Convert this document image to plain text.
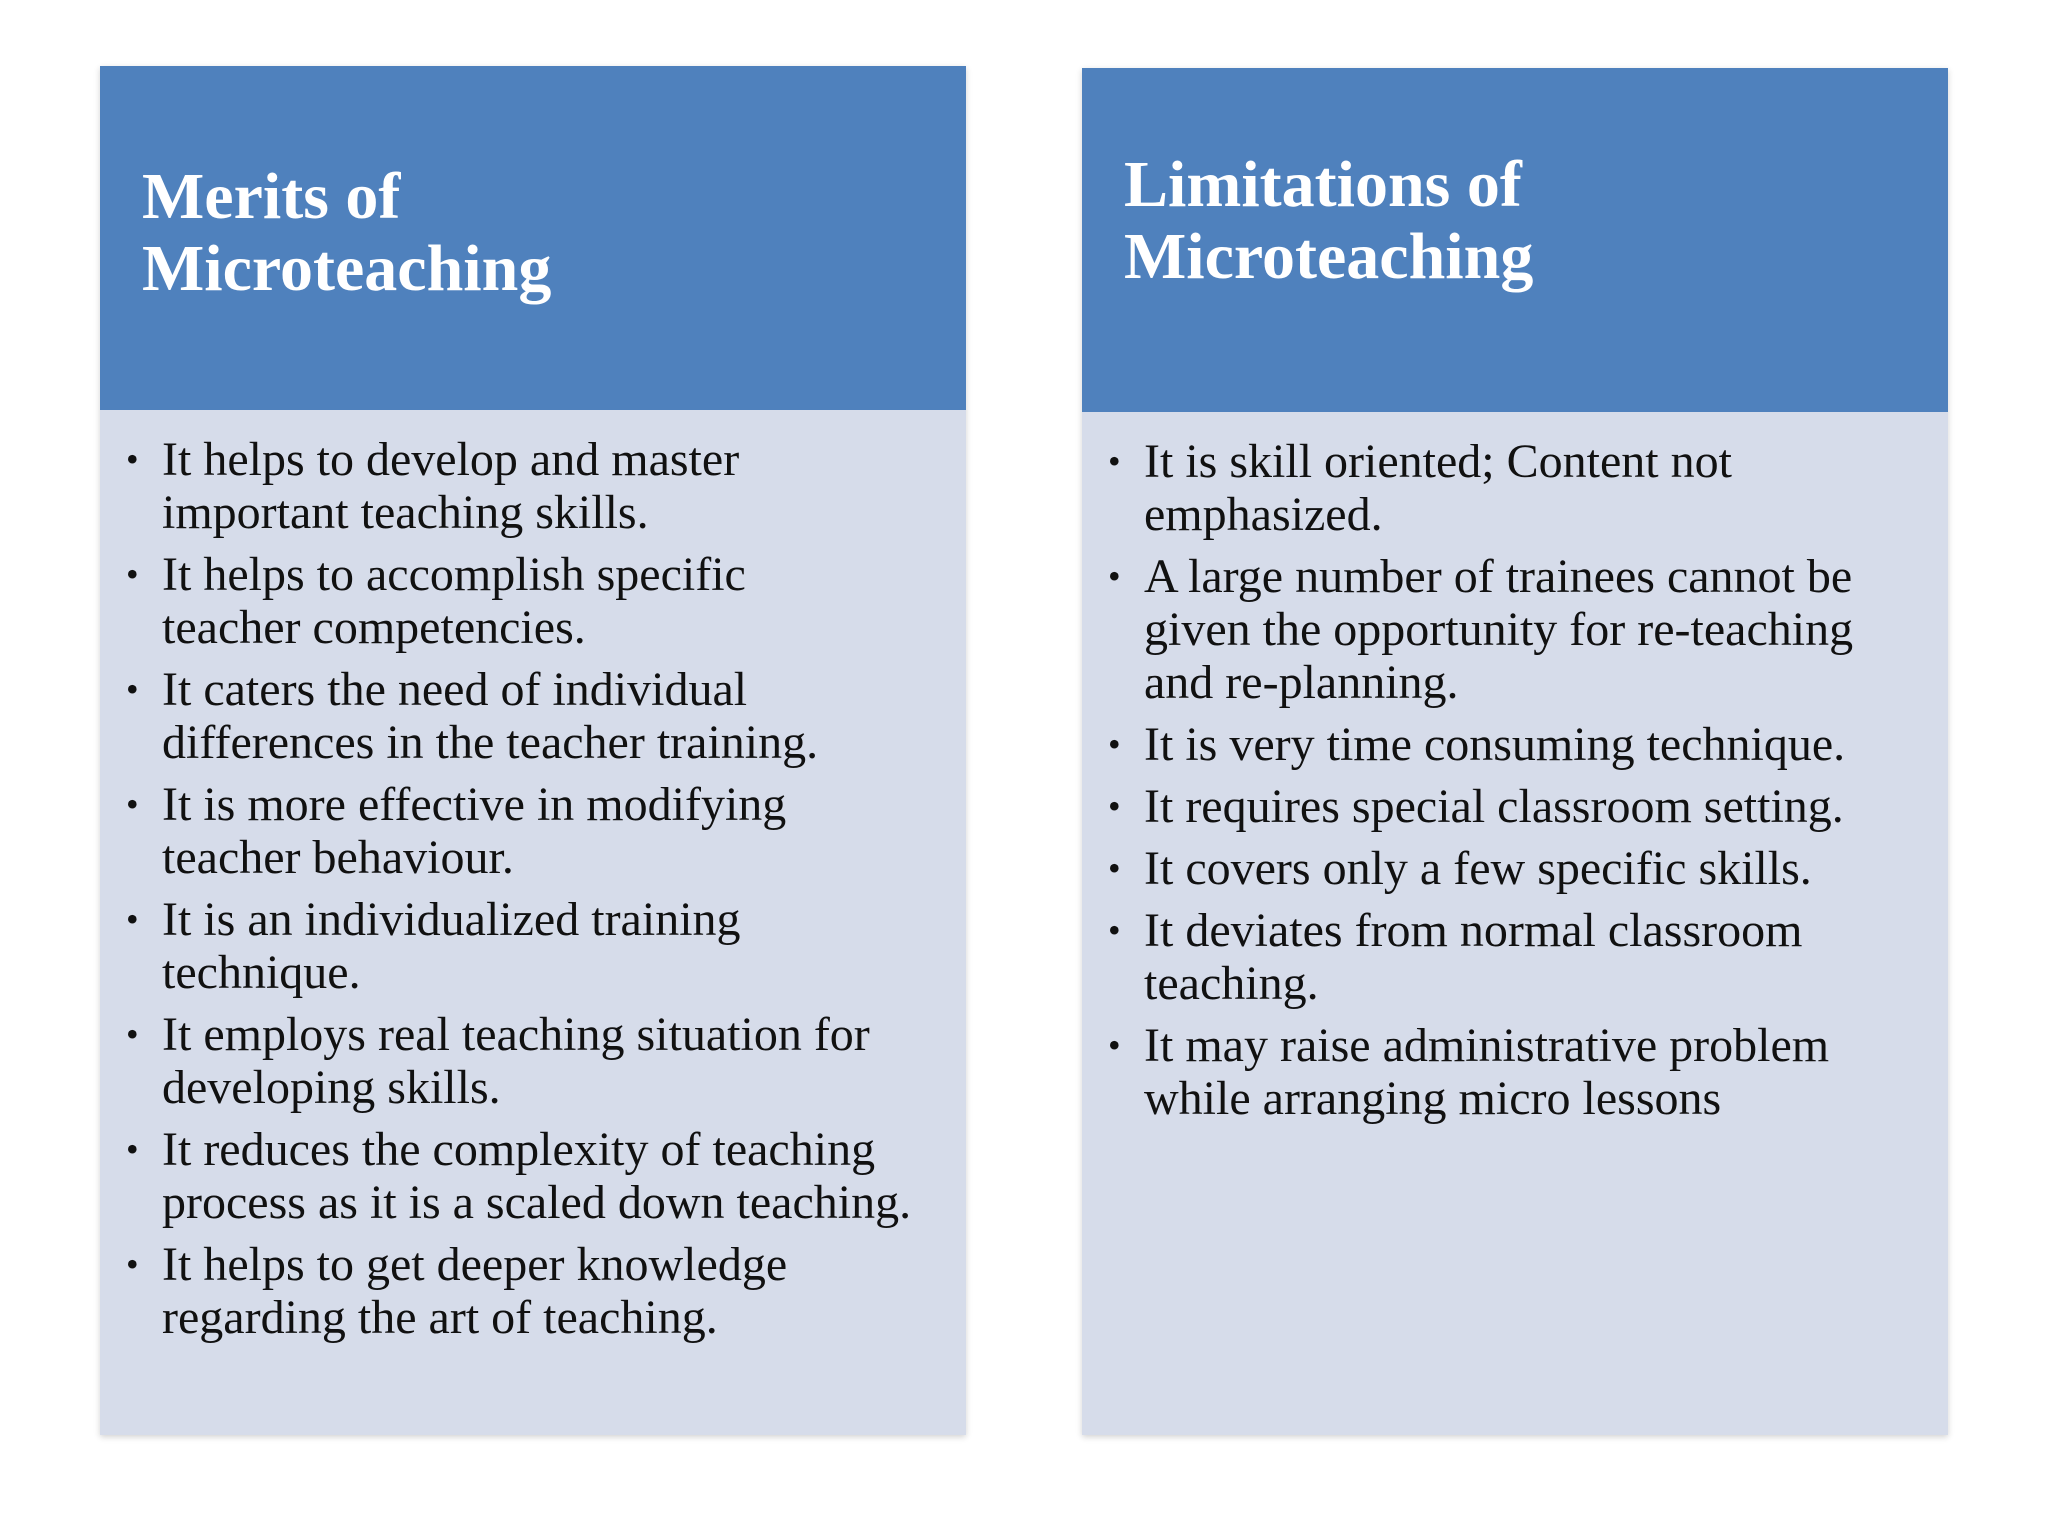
Merits of Microteaching
• It helps to develop and master important teaching skills.
• It helps to accomplish specific teacher competencies.
• It caters the need of individual differences in the teacher training.
• It is more effective in modifying teacher behaviour.
• It is an individualized training technique.
• It employs real teaching situation for developing skills.
• It reduces the complexity of teaching process as it is a scaled down teaching.
• It helps to get deeper knowledge regarding the art of teaching.
Limitations of Microteaching
• It is skill oriented; Content not emphasized.
• A large number of trainees cannot be given the opportunity for re-teaching and re-planning.
• It is very time consuming technique.
• It requires special classroom setting.
• It covers only a few specific skills.
• It deviates from normal classroom teaching.
• It may raise administrative problem while arranging micro lessons
